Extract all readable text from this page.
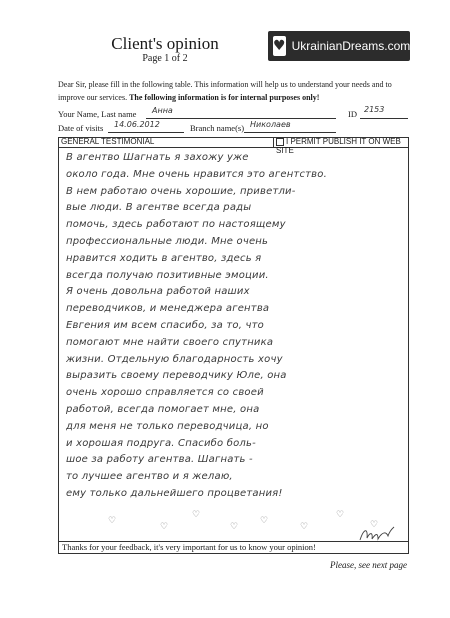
Client's opinion
Page 1 of 2
♥ UkrainianDreams.com
Dear Sir, please fill in the following table. This information will help us to understand your needs and to improve our services. The following information is for internal purposes only!
Your Name, Last name Анна	ID 2153
Date of visits 14.06.2012	Branch name(s) Николаев
GENERAL TESTIMONIAL	I PERMIT PUBLISH IT ON WEB SITE
В агентво Шагнать я захожу уже
около года. Мне очень нравится это агентство.
В нем работаю очень хорошие, приветли-
вые люди. В агентве всегда рады
помочь, здесь работают по настоящему
профессиональные люди. Мне очень
нравится ходить в агентво, здесь я
всегда получаю позитивные эмоции.
Я очень довольна работой наших
переводчиков, и менеджера агентва
Евгения им всем спасибо, за то, что
помогают мне найти своего спутника
жизни. Отдельную благодарность хочу
выразить своему переводчику Юле, она
очень хорошо справляется со своей
работой, всегда помогает мне, она
для меня не только переводчица, но
и хорошая подруга. Спасибо боль-
шое за работу агентва. Шагнать -
то лучшее агентво и я желаю,
ему только дальнейшего процветания!
♡
♡
♡
♡
♡
♡
♡
♡
Thanks for your feedback, it's very important for us to know your opinion!
Please, see next page
